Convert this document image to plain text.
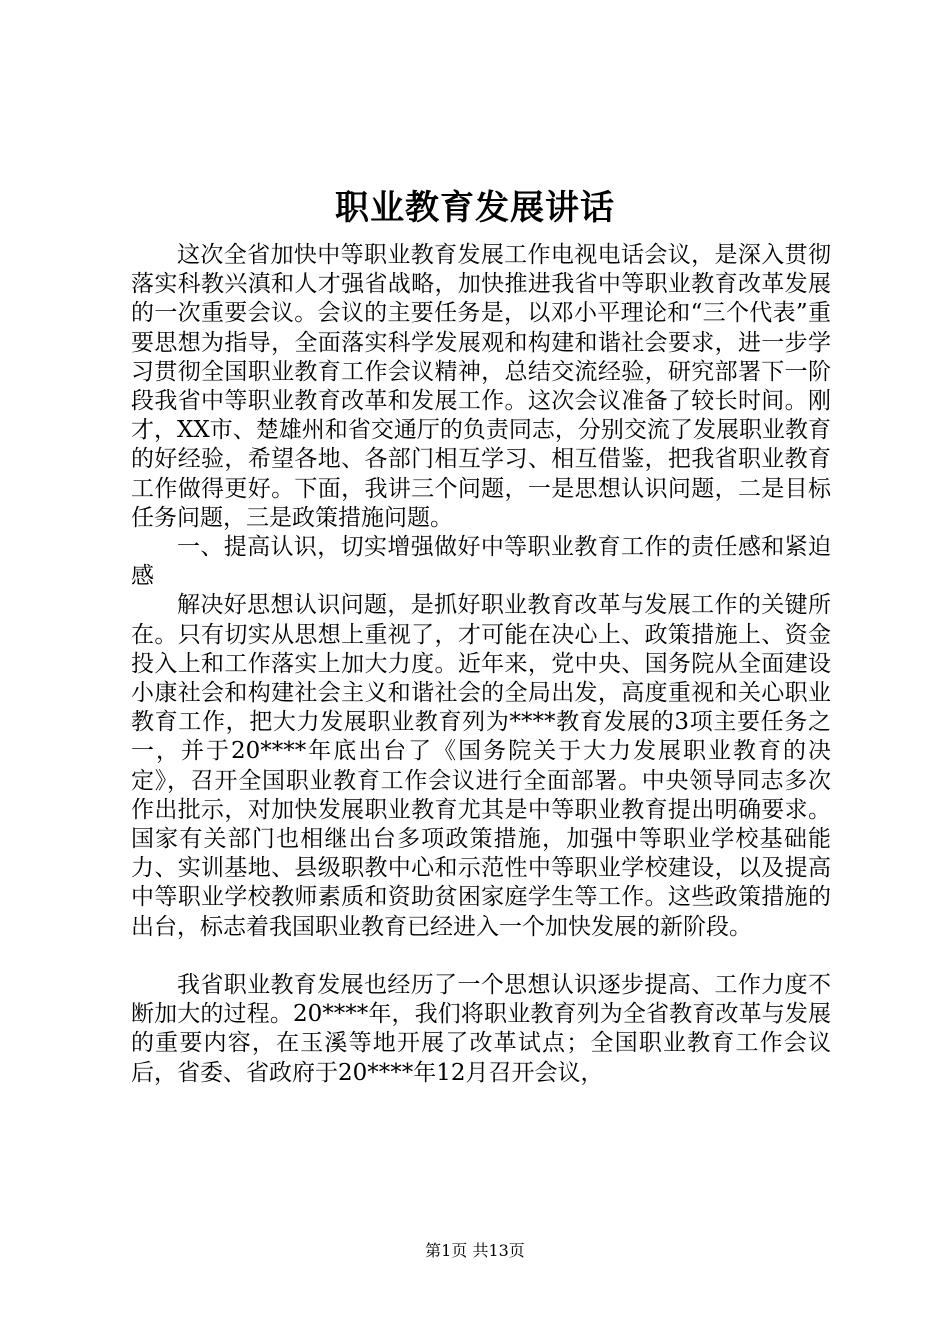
职业教育发展讲话

这次全省加快中等职业教育发展工作电视电话会议，是深入贯彻落实科教兴滇和人才强省战略，加快推进我省中等职业教育改革发展的一次重要会议。会议的主要任务是，以邓小平理论和“三个代表”重要思想为指导，全面落实科学发展观和构建和谐社会要求，进一步学习贯彻全国职业教育工作会议精神，总结交流经验，研究部署下一阶段我省中等职业教育改革和发展工作。这次会议准备了较长时间。刚才，XX市、楚雄州和省交通厅的负责同志，分别交流了发展职业教育的好经验，希望各地、各部门相互学习、相互借鉴，把我省职业教育工作做得更好。下面，我讲三个问题，一是思想认识问题，二是目标任务问题，三是政策措施问题。

一、提高认识，切实增强做好中等职业教育工作的责任感和紧迫感

解决好思想认识问题，是抓好职业教育改革与发展工作的关键所在。只有切实从思想上重视了，才可能在决心上、政策措施上、资金投入上和工作落实上加大力度。近年来，党中央、国务院从全面建设小康社会和构建社会主义和谐社会的全局出发，高度重视和关心职业教育工作，把大力发展职业教育列为****教育发展的3项主要任务之一，并于20****年底出台了《国务院关于大力发展职业教育的决定》，召开全国职业教育工作会议进行全面部署。中央领导同志多次作出批示，对加快发展职业教育尤其是中等职业教育提出明确要求。国家有关部门也相继出台多项政策措施，加强中等职业学校基础能力、实训基地、县级职教中心和示范性中等职业学校建设，以及提高中等职业学校教师素质和资助贫困家庭学生等工作。这些政策措施的出台，标志着我国职业教育已经进入一个加快发展的新阶段。

我省职业教育发展也经历了一个思想认识逐步提高、工作力度不断加大的过程。20****年，我们将职业教育列为全省教育改革与发展的重要内容，在玉溪等地开展了改革试点；全国职业教育工作会议后，省委、省政府于20****年12月召开会议，

第1页 共13页
